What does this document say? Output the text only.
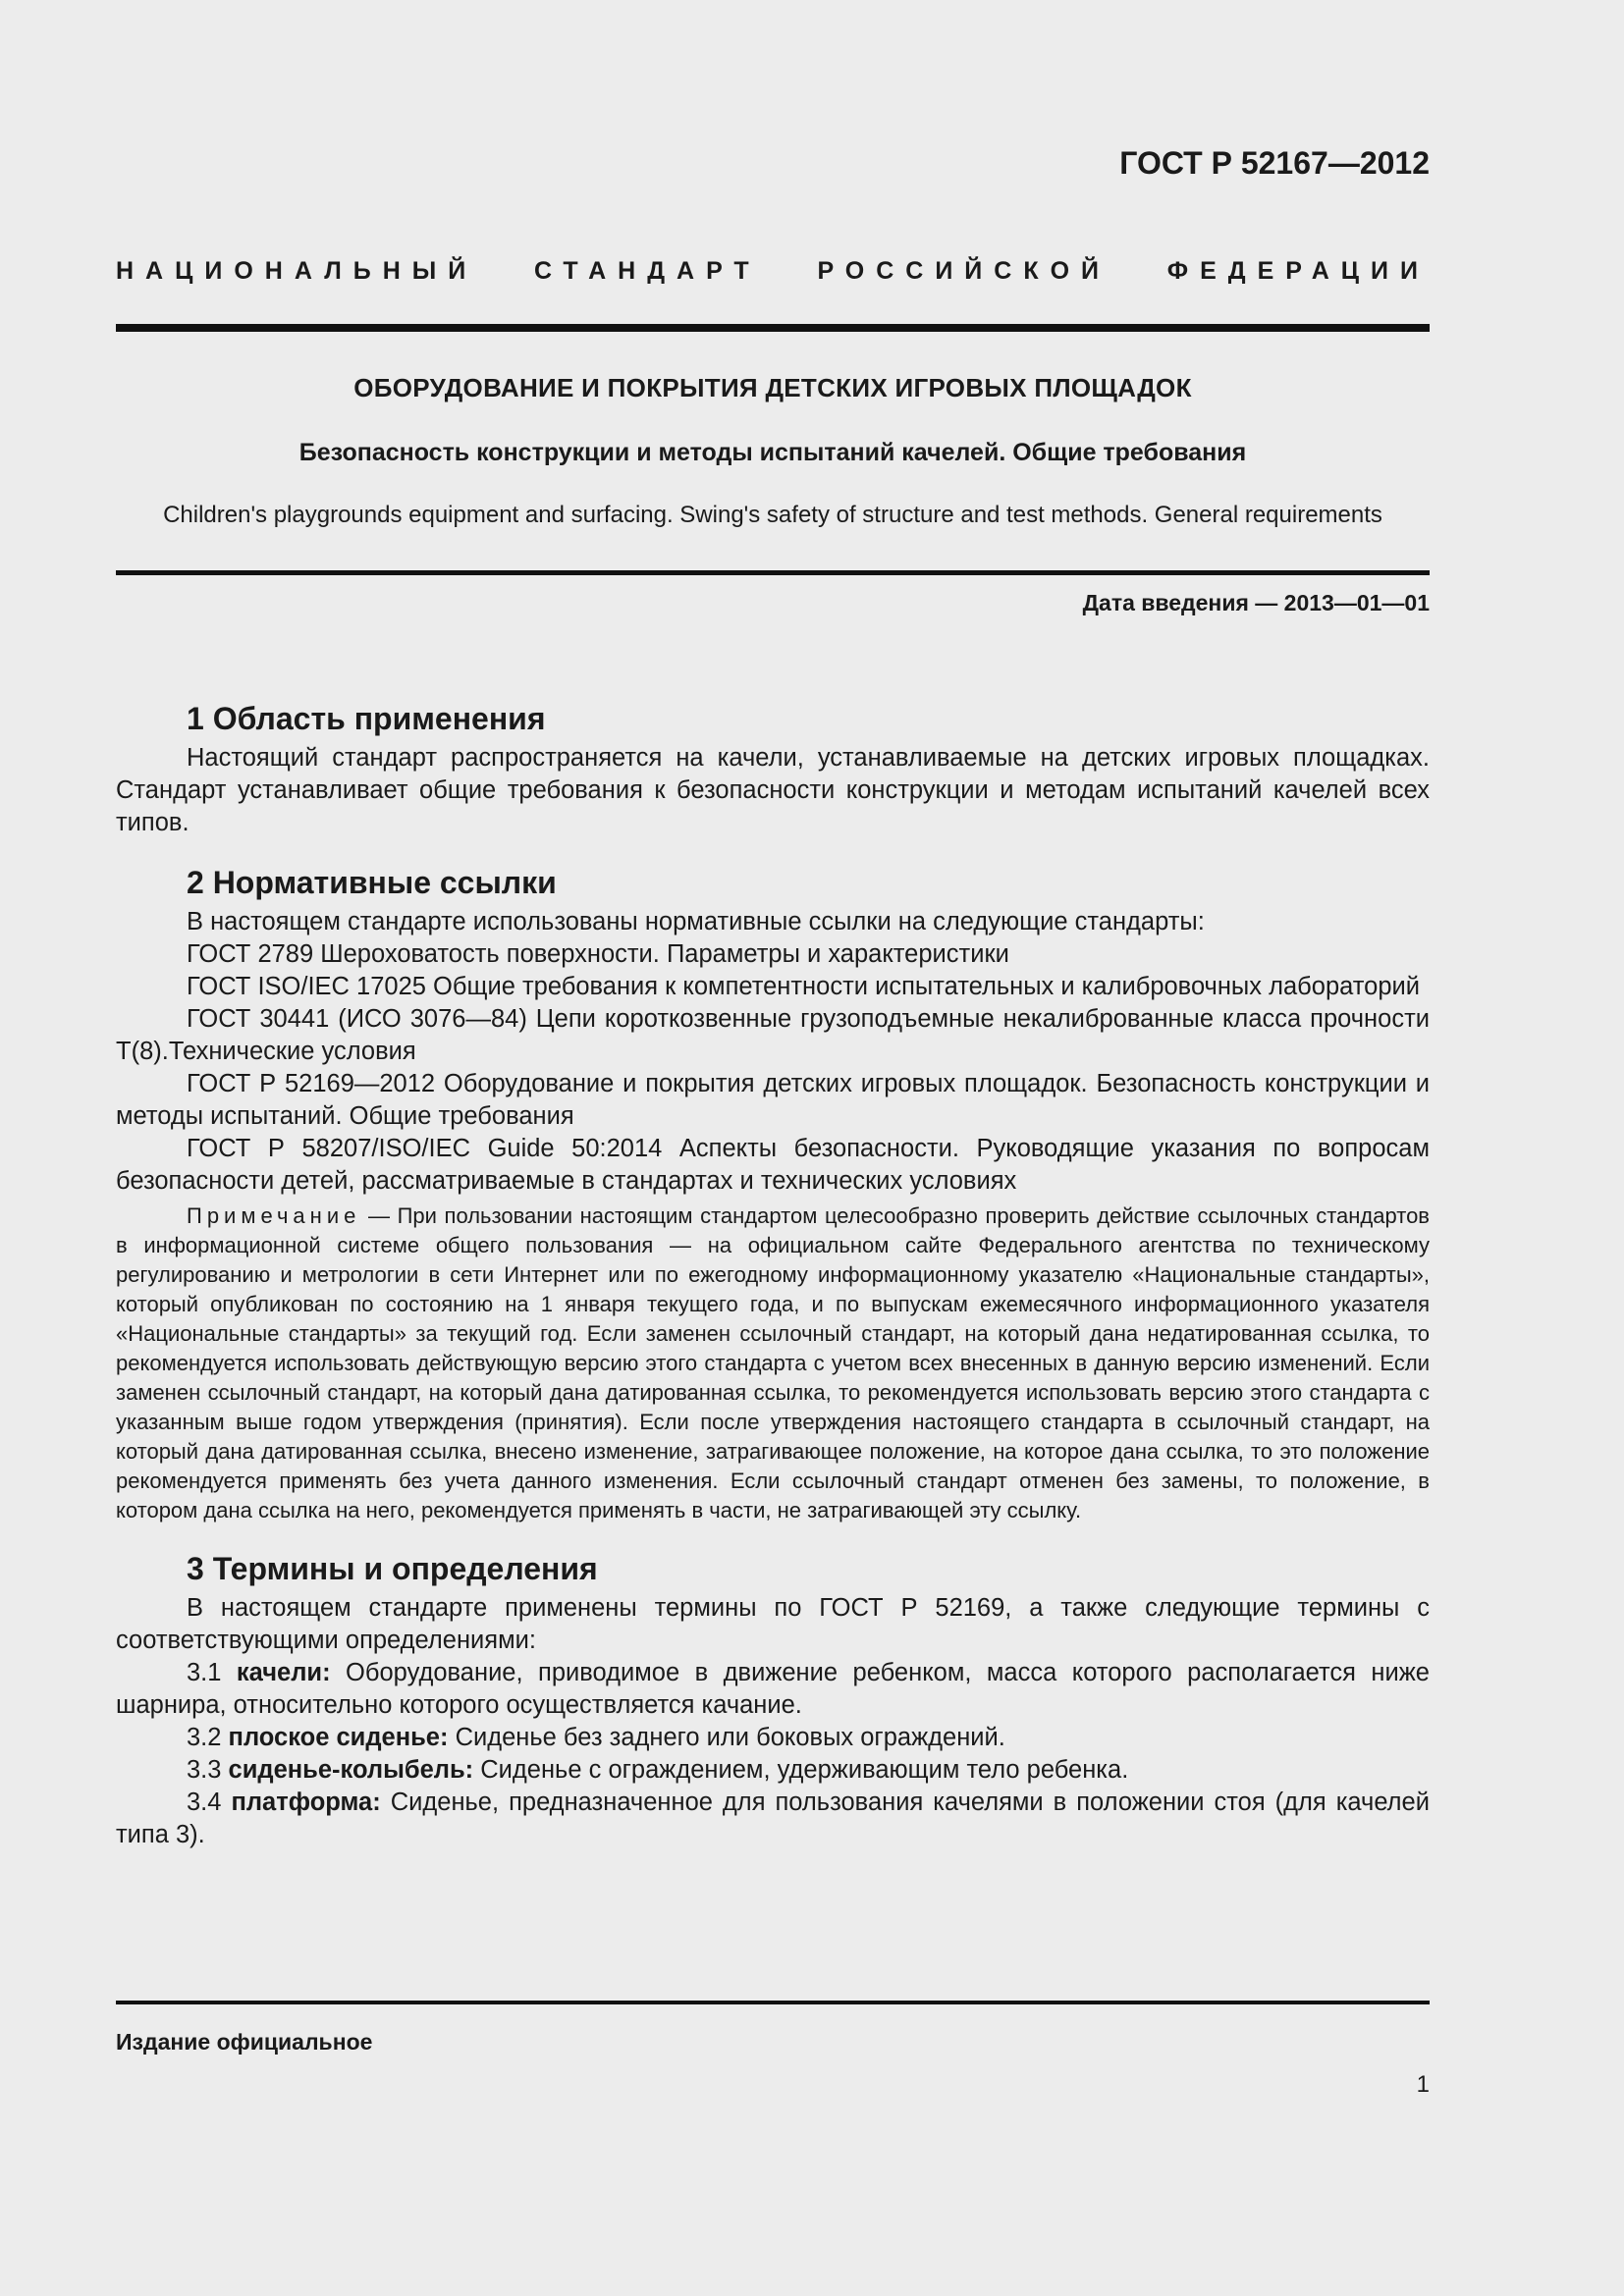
ГОСТ Р 52167—2012
НАЦИОНАЛЬНЫЙ СТАНДАРТ РОССИЙСКОЙ ФЕДЕРАЦИИ
ОБОРУДОВАНИЕ И ПОКРЫТИЯ ДЕТСКИХ ИГРОВЫХ ПЛОЩАДОК
Безопасность конструкции и методы испытаний качелей. Общие требования
Children's playgrounds equipment and surfacing. Swing's safety of structure and test methods. General requirements
Дата введения — 2013—01—01
1 Область применения

Настоящий стандарт распространяется на качели, устанавливаемые на детских игровых площадках. Стандарт устанавливает общие требования к безопасности конструкции и методам испытаний качелей всех типов.

2 Нормативные ссылки

В настоящем стандарте использованы нормативные ссылки на следующие стандарты:

ГОСТ 2789 Шероховатость поверхности. Параметры и характеристики

ГОСТ ISO/IEC 17025 Общие требования к компетентности испытательных и калибровочных лабораторий

ГОСТ 30441 (ИСО 3076—84) Цепи короткозвенные грузоподъемные некалиброванные класса прочности Т(8).Технические условия

ГОСТ Р 52169—2012 Оборудование и покрытия детских игровых площадок. Безопасность конструкции и методы испытаний. Общие требования

ГОСТ Р 58207/ISO/IEC Guide 50:2014 Аспекты безопасности. Руководящие указания по вопросам безопасности детей, рассматриваемые в стандартах и технических условиях

Примечание — При пользовании настоящим стандартом целесообразно проверить действие ссылочных стандартов в информационной системе общего пользования — на официальном сайте Федерального агентства по техническому регулированию и метрологии в сети Интернет или по ежегодному информационному указателю «Национальные стандарты», который опубликован по состоянию на 1 января текущего года, и по выпускам ежемесячного информационного указателя «Национальные стандарты» за текущий год. Если заменен ссылочный стандарт, на который дана недатированная ссылка, то рекомендуется использовать действующую версию этого стандарта с учетом всех внесенных в данную версию изменений. Если заменен ссылочный стандарт, на который дана датированная ссылка, то рекомендуется использовать версию этого стандарта с указанным выше годом утверждения (принятия). Если после утверждения настоящего стандарта в ссылочный стандарт, на который дана датированная ссылка, внесено изменение, затрагивающее положение, на которое дана ссылка, то это положение рекомендуется применять без учета данного изменения. Если ссылочный стандарт отменен без замены, то положение, в котором дана ссылка на него, рекомендуется применять в части, не затрагивающей эту ссылку.
3 Термины и определения

В настоящем стандарте применены термины по ГОСТ Р 52169, а также следующие термины с соответствующими определениями:

3.1 качели: Оборудование, приводимое в движение ребенком, масса которого располагается ниже шарнира, относительно которого осуществляется качание.

3.2 плоское сиденье: Сиденье без заднего или боковых ограждений.

3.3 сиденье-колыбель: Сиденье с ограждением, удерживающим тело ребенка.

3.4 платформа: Сиденье, предназначенное для пользования качелями в положении стоя (для качелей типа 3).

Издание официальное
1
